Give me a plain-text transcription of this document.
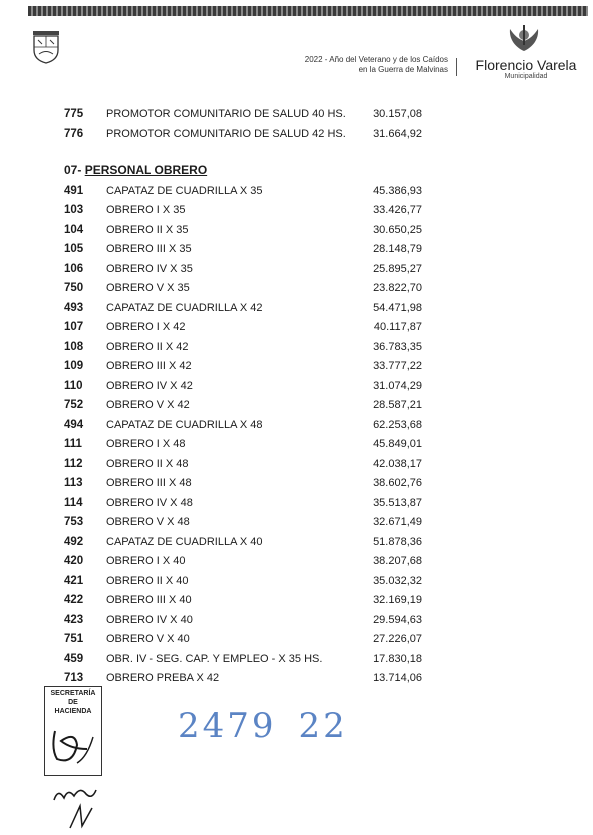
2022 - Año del Veterano y de los Caídos
en la Guerra de Malvinas	Florencio Varela
Municipalidad
775 PROMOTOR COMUNITARIO DE SALUD 40 HS.	30.157,08
776 PROMOTOR COMUNITARIO DE SALUD 42 HS.	31.664,92
07- PERSONAL OBRERO
491 CAPATAZ DE CUADRILLA X 35	45.386,93
103 OBRERO I X 35	33.426,77
104 OBRERO II X 35	30.650,25
105 OBRERO III X 35	28.148,79
106 OBRERO IV X 35	25.895,27
750 OBRERO V X 35	23.822,70
493 CAPATAZ DE CUADRILLA X 42	54.471,98
107 OBRERO I X 42	40.117,87
108 OBRERO II X 42	36.783,35
109 OBRERO III X 42	33.777,22
110 OBRERO IV X 42	31.074,29
752 OBRERO V X 42	28.587,21
494 CAPATAZ DE CUADRILLA X 48	62.253,68
111 OBRERO I X 48	45.849,01
112 OBRERO II X 48	42.038,17
113 OBRERO III X 48	38.602,76
114 OBRERO IV X 48	35.513,87
753 OBRERO V X 48	32.671,49
492 CAPATAZ DE CUADRILLA X 40	51.878,36
420 OBRERO I X 40	38.207,68
421 OBRERO II X 40	35.032,32
422 OBRERO III X 40	32.169,19
423 OBRERO IV X 40	29.594,63
751 OBRERO V X 40	27.226,07
459 OBR. IV - SEG. CAP. Y EMPLEO - X 35 HS.	17.830,18
713 OBRERO PREBA X 42	13.714,06
SECRETARÍA
DE
HACIENDA	2479 22
